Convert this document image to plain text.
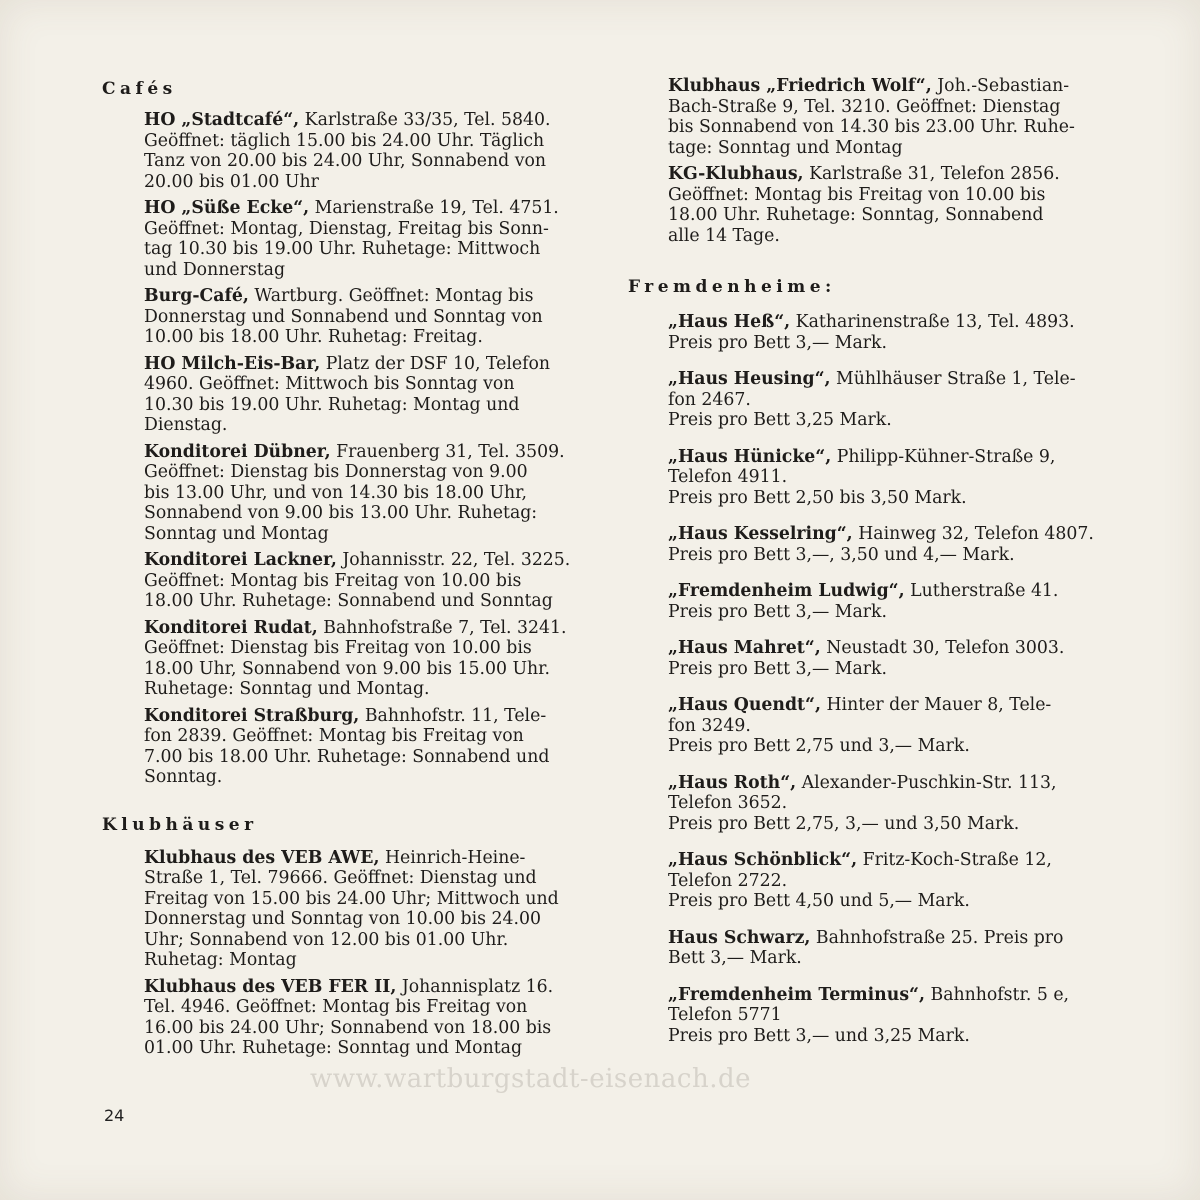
Cafés

HO „Stadtcafé“, Karlstraße 33/35, Tel. 5840.
Geöffnet: täglich 15.00 bis 24.00 Uhr. Täglich
Tanz von 20.00 bis 24.00 Uhr, Sonnabend von
20.00 bis 01.00 Uhr

HO „Süße Ecke“, Marienstraße 19, Tel. 4751.
Geöffnet: Montag, Dienstag, Freitag bis Sonn-
tag 10.30 bis 19.00 Uhr. Ruhetage: Mittwoch
und Donnerstag

Burg-Café, Wartburg. Geöffnet: Montag bis
Donnerstag und Sonnabend und Sonntag von
10.00 bis 18.00 Uhr. Ruhetag: Freitag.

HO Milch-Eis-Bar, Platz der DSF 10, Telefon
4960. Geöffnet: Mittwoch bis Sonntag von
10.30 bis 19.00 Uhr. Ruhetag: Montag und
Dienstag.

Konditorei Dübner, Frauenberg 31, Tel. 3509.
Geöffnet: Dienstag bis Donnerstag von 9.00
bis 13.00 Uhr, und von 14.30 bis 18.00 Uhr,
Sonnabend von 9.00 bis 13.00 Uhr. Ruhetag:
Sonntag und Montag

Konditorei Lackner, Johannisstr. 22, Tel. 3225.
Geöffnet: Montag bis Freitag von 10.00 bis
18.00 Uhr. Ruhetage: Sonnabend und Sonntag

Konditorei Rudat, Bahnhofstraße 7, Tel. 3241.
Geöffnet: Dienstag bis Freitag von 10.00 bis
18.00 Uhr, Sonnabend von 9.00 bis 15.00 Uhr.
Ruhetage: Sonntag und Montag.

Konditorei Straßburg, Bahnhofstr. 11, Tele-
fon 2839. Geöffnet: Montag bis Freitag von
7.00 bis 18.00 Uhr. Ruhetage: Sonnabend und
Sonntag.

Klubhäuser

Klubhaus des VEB AWE, Heinrich-Heine-
Straße 1, Tel. 79666. Geöffnet: Dienstag und
Freitag von 15.00 bis 24.00 Uhr; Mittwoch und
Donnerstag und Sonntag von 10.00 bis 24.00
Uhr; Sonnabend von 12.00 bis 01.00 Uhr.
Ruhetag: Montag

Klubhaus des VEB FER II, Johannisplatz 16.
Tel. 4946. Geöffnet: Montag bis Freitag von
16.00 bis 24.00 Uhr; Sonnabend von 18.00 bis
01.00 Uhr. Ruhetage: Sonntag und Montag

Klubhaus „Friedrich Wolf“, Joh.-Sebastian-
Bach-Straße 9, Tel. 3210. Geöffnet: Dienstag
bis Sonnabend von 14.30 bis 23.00 Uhr. Ruhe-
tage: Sonntag und Montag

KG-Klubhaus, Karlstraße 31, Telefon 2856.
Geöffnet: Montag bis Freitag von 10.00 bis
18.00 Uhr. Ruhetage: Sonntag, Sonnabend
alle 14 Tage.

Fremdenheime:

„Haus Heß“, Katharinenstraße 13, Tel. 4893.
Preis pro Bett 3,— Mark.

„Haus Heusing“, Mühlhäuser Straße 1, Tele-
fon 2467.
Preis pro Bett 3,25 Mark.

„Haus Hünicke“, Philipp-Kühner-Straße 9,
Telefon 4911.
Preis pro Bett 2,50 bis 3,50 Mark.

„Haus Kesselring“, Hainweg 32, Telefon 4807.
Preis pro Bett 3,—, 3,50 und 4,— Mark.

„Fremdenheim Ludwig“, Lutherstraße 41.
Preis pro Bett 3,— Mark.

„Haus Mahret“, Neustadt 30, Telefon 3003.
Preis pro Bett 3,— Mark.

„Haus Quendt“, Hinter der Mauer 8, Tele-
fon 3249.
Preis pro Bett 2,75 und 3,— Mark.

„Haus Roth“, Alexander-Puschkin-Str. 113,
Telefon 3652.
Preis pro Bett 2,75, 3,— und 3,50 Mark.

„Haus Schönblick“, Fritz-Koch-Straße 12,
Telefon 2722.
Preis pro Bett 4,50 und 5,— Mark.

Haus Schwarz, Bahnhofstraße 25. Preis pro
Bett 3,— Mark.

„Fremdenheim Terminus“, Bahnhofstr. 5 e,
Telefon 5771
Preis pro Bett 3,— und 3,25 Mark.

www.wartburgstadt-eisenach.de
24
